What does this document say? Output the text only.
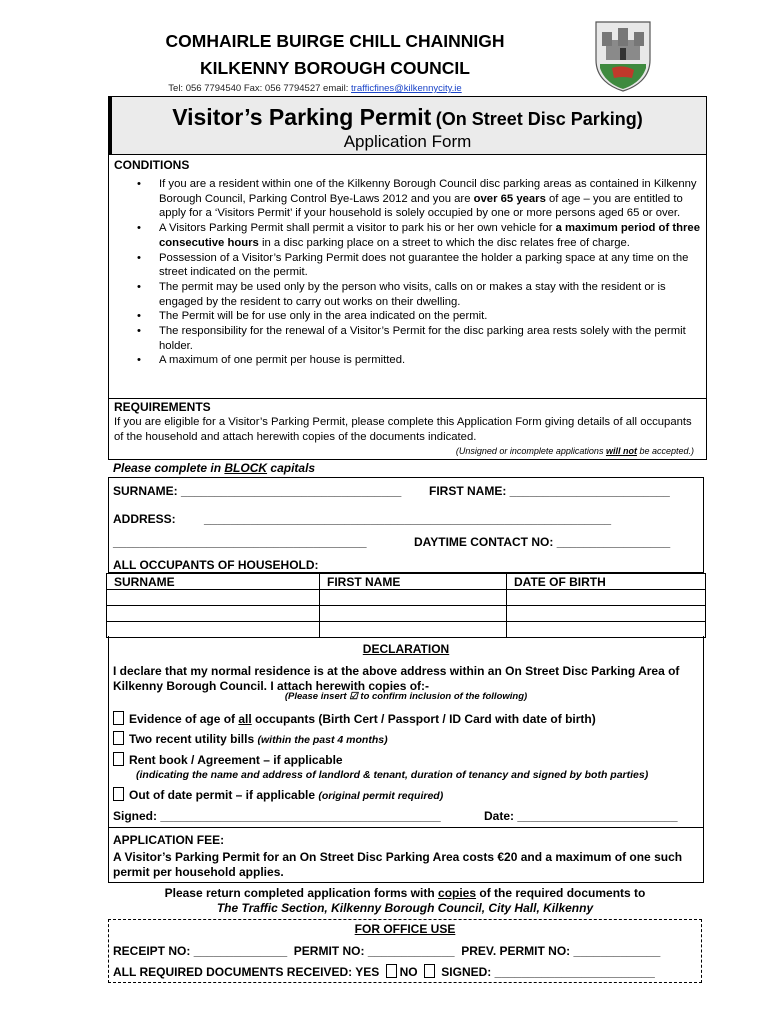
COMHAIRLE BUIRGE CHILL CHAINNIGH
KILKENNY BOROUGH COUNCIL
Tel: 056 7794540 Fax: 056 7794527 email: trafficfines@kilkennycity.ie
Visitor’s Parking Permit (On Street Disc Parking)
Application Form
CONDITIONS
• If you are a resident within one of the Kilkenny Borough Council disc parking areas as contained in Kilkenny Borough Council, Parking Control Bye-Laws 2012 and you are over 65 years of age – you are entitled to apply for a ‘Visitors Permit’ if your household is solely occupied by one or more persons aged 65 or over.
• A Visitors Parking Permit shall permit a visitor to park his or her own vehicle for a maximum period of three consecutive hours in a disc parking place on a street to which the disc relates free of charge.
• Possession of a Visitor’s Parking Permit does not guarantee the holder a parking space at any time on the street indicated on the permit.
• The permit may be used only by the person who visits, calls on or makes a stay with the resident or is engaged by the resident to carry out works on their dwelling.
• The Permit will be for use only in the area indicated on the permit.
• The responsibility for the renewal of a Visitor’s Permit for the disc parking area rests solely with the permit holder.
• A maximum of one permit per house is permitted.
REQUIREMENTS
If you are eligible for a Visitor’s Parking Permit, please complete this Application Form giving details of all occupants of the household and attach herewith copies of the documents indicated.
(Unsigned or incomplete applications will not be accepted.)
Please complete in BLOCK capitals
SURNAME: _________________________________ FIRST NAME: ________________________
ADDRESS: _____________________________________________________________
______________________________________	DAYTIME CONTACT NO: _________________
ALL OCCUPANTS OF HOUSEHOLD:
SURNAME	FIRST NAME	DATE OF BIRTH

DECLARATION
I declare that my normal residence is at the above address within an On Street Disc Parking Area of Kilkenny Borough Council. I attach herewith copies of:-
(Please insert ☑ to confirm inclusion of the following)
Evidence of age of all occupants (Birth Cert / Passport / ID Card with date of birth)
Two recent utility bills (within the past 4 months)
Rent book / Agreement – if applicable
(indicating the name and address of landlord & tenant, duration of tenancy and signed by both parties)
Out of date permit – if applicable (original permit required)
Signed: __________________________________________	Date: ________________________
APPLICATION FEE:
A Visitor’s Parking Permit for an On Street Disc Parking Area costs €20 and a maximum of one such permit per household applies.
Please return completed application forms with copies of the required documents to
The Traffic Section, Kilkenny Borough Council, City Hall, Kilkenny
FOR OFFICE USE
RECEIPT NO: ______________ PERMIT NO: _____________ PREV. PERMIT NO: _____________
ALL REQUIRED DOCUMENTS RECEIVED: YES NO SIGNED: ________________________
